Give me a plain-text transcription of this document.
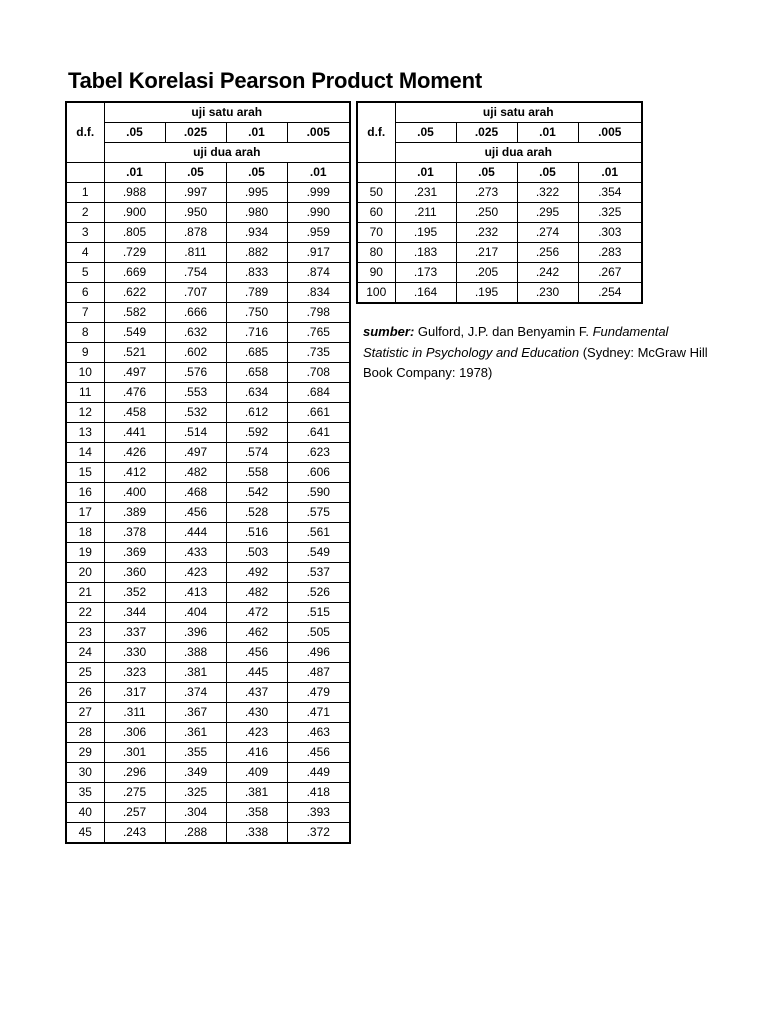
Tabel Korelasi Pearson Product Moment
d.f.	uji satu arah			
	.05	.025	.01	.005
	uji dua arah			
	.01	.05	.05	.01
1	.988	.997	.995	.999
2	.900	.950	.980	.990
3	.805	.878	.934	.959
4	.729	.811	.882	.917
5	.669	.754	.833	.874
6	.622	.707	.789	.834
7	.582	.666	.750	.798
8	.549	.632	.716	.765
9	.521	.602	.685	.735
10	.497	.576	.658	.708
11	.476	.553	.634	.684
12	.458	.532	.612	.661
13	.441	.514	.592	.641
14	.426	.497	.574	.623
15	.412	.482	.558	.606
16	.400	.468	.542	.590
17	.389	.456	.528	.575
18	.378	.444	.516	.561
19	.369	.433	.503	.549
20	.360	.423	.492	.537
21	.352	.413	.482	.526
22	.344	.404	.472	.515
23	.337	.396	.462	.505
24	.330	.388	.456	.496
25	.323	.381	.445	.487
26	.317	.374	.437	.479
27	.311	.367	.430	.471
28	.306	.361	.423	.463
29	.301	.355	.416	.456
30	.296	.349	.409	.449
35	.275	.325	.381	.418
40	.257	.304	.358	.393
45	.243	.288	.338	.372
d.f.	uji satu arah			
	.05	.025	.01	.005
	uji dua arah			
	.01	.05	.05	.01
50	.231	.273	.322	.354
60	.211	.250	.295	.325
70	.195	.232	.274	.303
80	.183	.217	.256	.283
90	.173	.205	.242	.267
100	.164	.195	.230	.254
sumber: Gulford, J.P. dan Benyamin F. Fundamental Statistic in Psychology and Education (Sydney: McGraw Hill Book Company: 1978)
